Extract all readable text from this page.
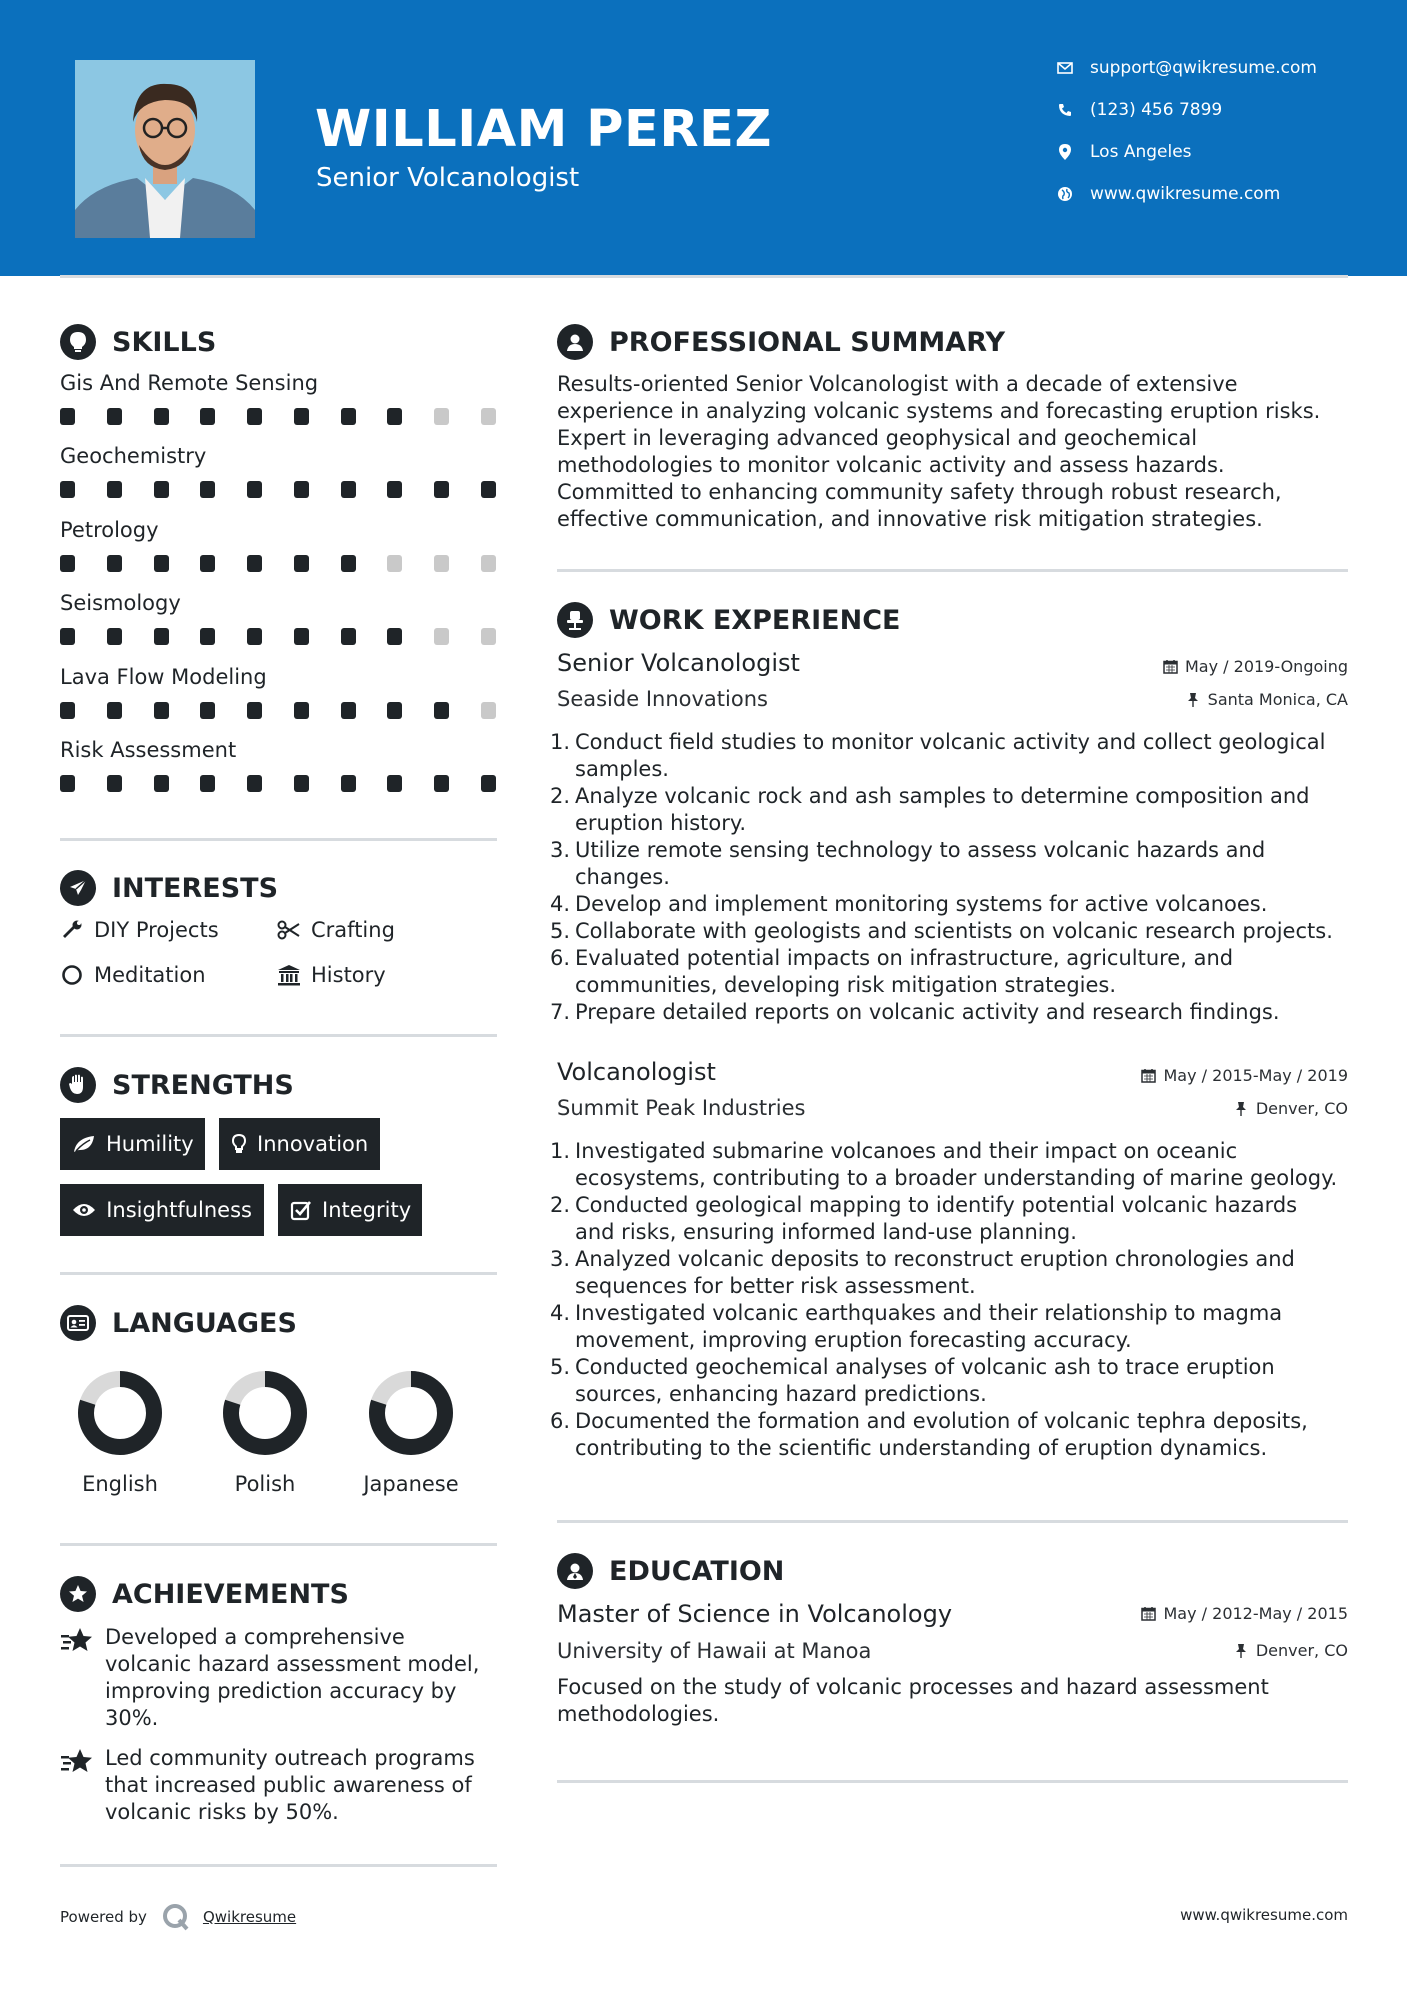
WILLIAM PEREZ
Senior Volcanologist
support@qwikresume.com
(123) 456 7899
Los Angeles
www.qwikresume.com
SKILLS
Gis And Remote Sensing
Geochemistry
Petrology
Seismology
Lava Flow Modeling
Risk Assessment
INTERESTS
DIY Projects	Crafting
Meditation	History
STRENGTHS
Humility	Innovation
Insightfulness	Integrity
LANGUAGES
English	Polish	Japanese
ACHIEVEMENTS
Developed a comprehensive
volcanic hazard assessment model,
improving prediction accuracy by
30%.
Led community outreach programs
that increased public awareness of
volcanic risks by 50%.
PROFESSIONAL SUMMARY
Results-oriented Senior Volcanologist with a decade of extensive
experience in analyzing volcanic systems and forecasting eruption risks.
Expert in leveraging advanced geophysical and geochemical
methodologies to monitor volcanic activity and assess hazards.
Committed to enhancing community safety through robust research,
effective communication, and innovative risk mitigation strategies.
WORK EXPERIENCE
Senior Volcanologist	May / 2019-Ongoing
Seaside Innovations	Santa Monica, CA
1. Conduct field studies to monitor volcanic activity and collect geological
samples.
2. Analyze volcanic rock and ash samples to determine composition and
eruption history.
3. Utilize remote sensing technology to assess volcanic hazards and
changes.
4. Develop and implement monitoring systems for active volcanoes.
5. Collaborate with geologists and scientists on volcanic research projects.
6. Evaluated potential impacts on infrastructure, agriculture, and
communities, developing risk mitigation strategies.
7. Prepare detailed reports on volcanic activity and research findings.
Volcanologist	May / 2015-May / 2019
Summit Peak Industries	Denver, CO
1. Investigated submarine volcanoes and their impact on oceanic
ecosystems, contributing to a broader understanding of marine geology.
2. Conducted geological mapping to identify potential volcanic hazards
and risks, ensuring informed land-use planning.
3. Analyzed volcanic deposits to reconstruct eruption chronologies and
sequences for better risk assessment.
4. Investigated volcanic earthquakes and their relationship to magma
movement, improving eruption forecasting accuracy.
5. Conducted geochemical analyses of volcanic ash to trace eruption
sources, enhancing hazard predictions.
6. Documented the formation and evolution of volcanic tephra deposits,
contributing to the scientific understanding of eruption dynamics.
EDUCATION
Master of Science in Volcanology	May / 2012-May / 2015
University of Hawaii at Manoa	Denver, CO
Focused on the study of volcanic processes and hazard assessment
methodologies.
Powered by	Qwikresume	www.qwikresume.com
